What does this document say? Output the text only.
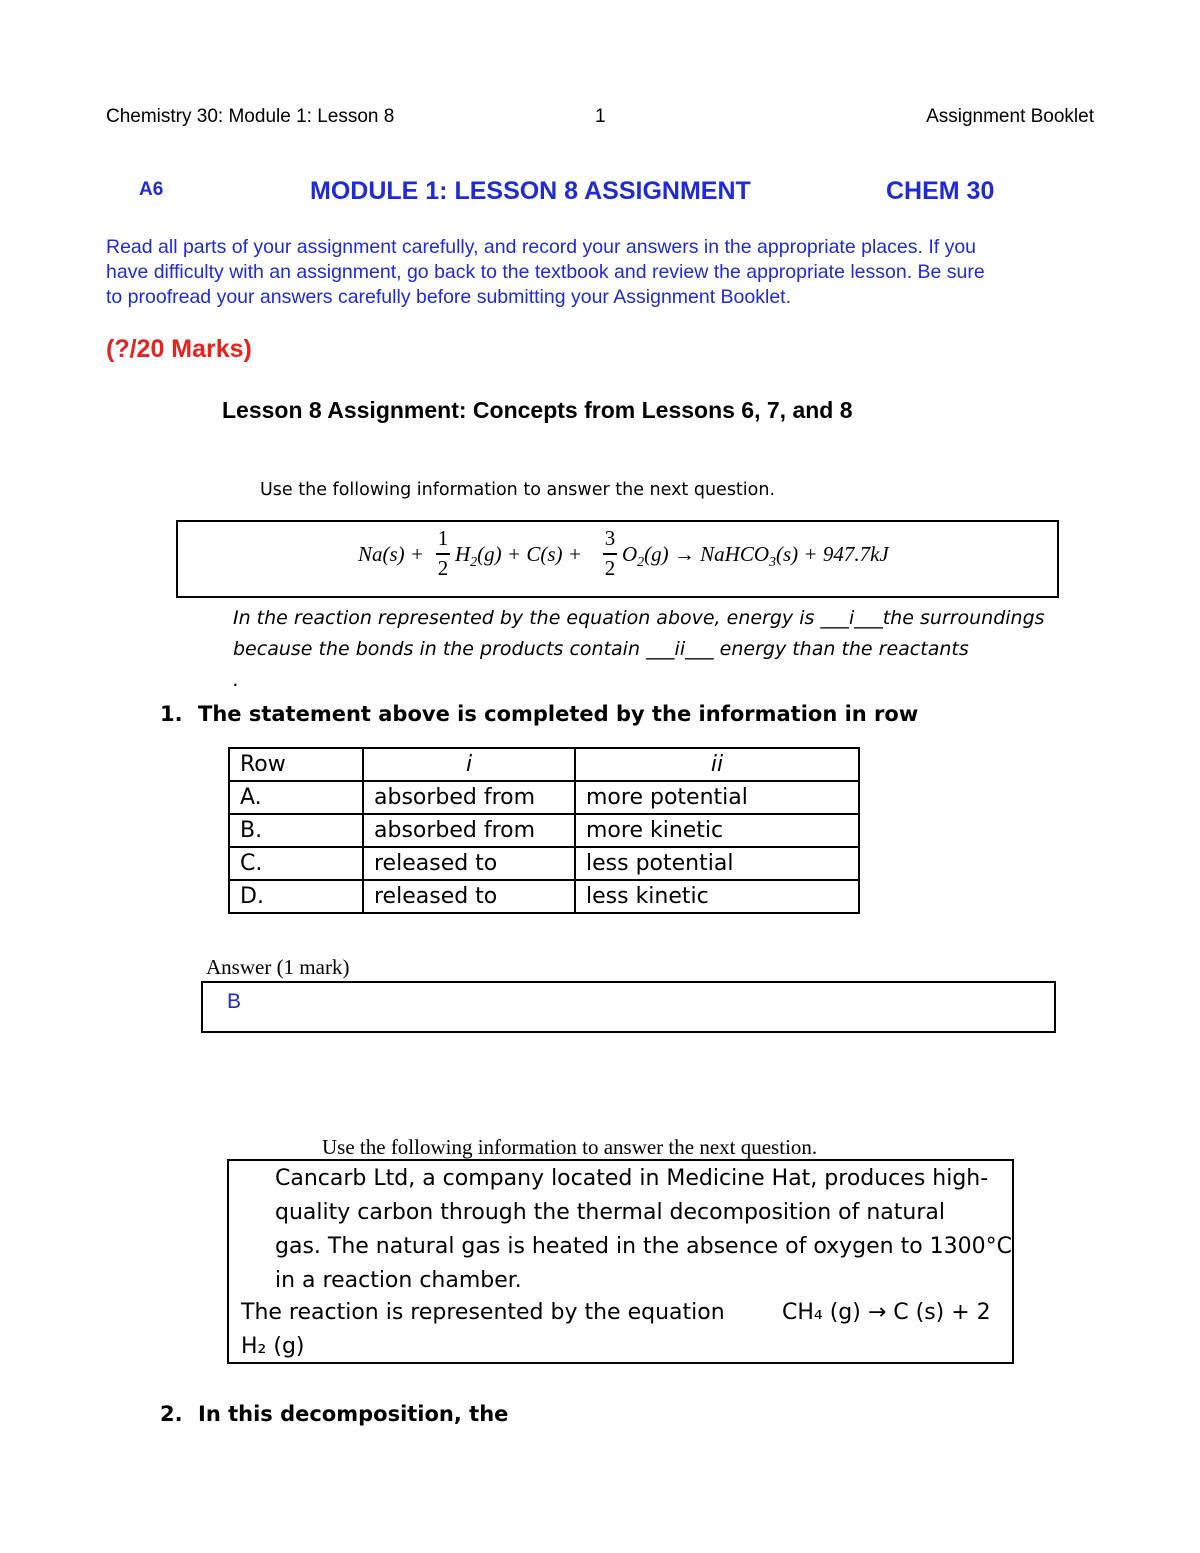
Chemistry 30: Module 1: Lesson 8	1	Assignment Booklet
A6	MODULE 1: LESSON 8 ASSIGNMENT	CHEM 30
Read all parts of your assignment carefully, and record your answers in the appropriate places. If you
have difficulty with an assignment, go back to the textbook and review the appropriate lesson. Be sure
to proofread your answers carefully before submitting your Assignment Booklet.
(?/20 Marks)
Lesson 8 Assignment: Concepts from Lessons 6, 7, and 8
Use the following information to answer the next question.
Na(s) +
1
2
$H_2(g) + C(s)$ +
3
2
$O_2(g)$ → NaHCO$_3$(s) + 947.7kJ
In the reaction represented by the equation above, energy is ___i___the surroundings
because the bonds in the products contain ___ii___ energy than the reactants
.
1. The statement above is completed by the information in row
Row	i	ii
A.	absorbed from	more potential
B.	absorbed from	more kinetic
C.	released to	less potential
D.	released to	less kinetic
Answer (1 mark)
B
Use the following information to answer the next question.
Cancarb Ltd, a company located in Medicine Hat, produces high-
quality carbon through the thermal decomposition of natural
gas. The natural gas is heated in the absence of oxygen to 1300°C
in a reaction chamber.
The reaction is represented by the equation	CH₄ (g) → C (s) + 2
H₂ (g)
2. In this decomposition, the
